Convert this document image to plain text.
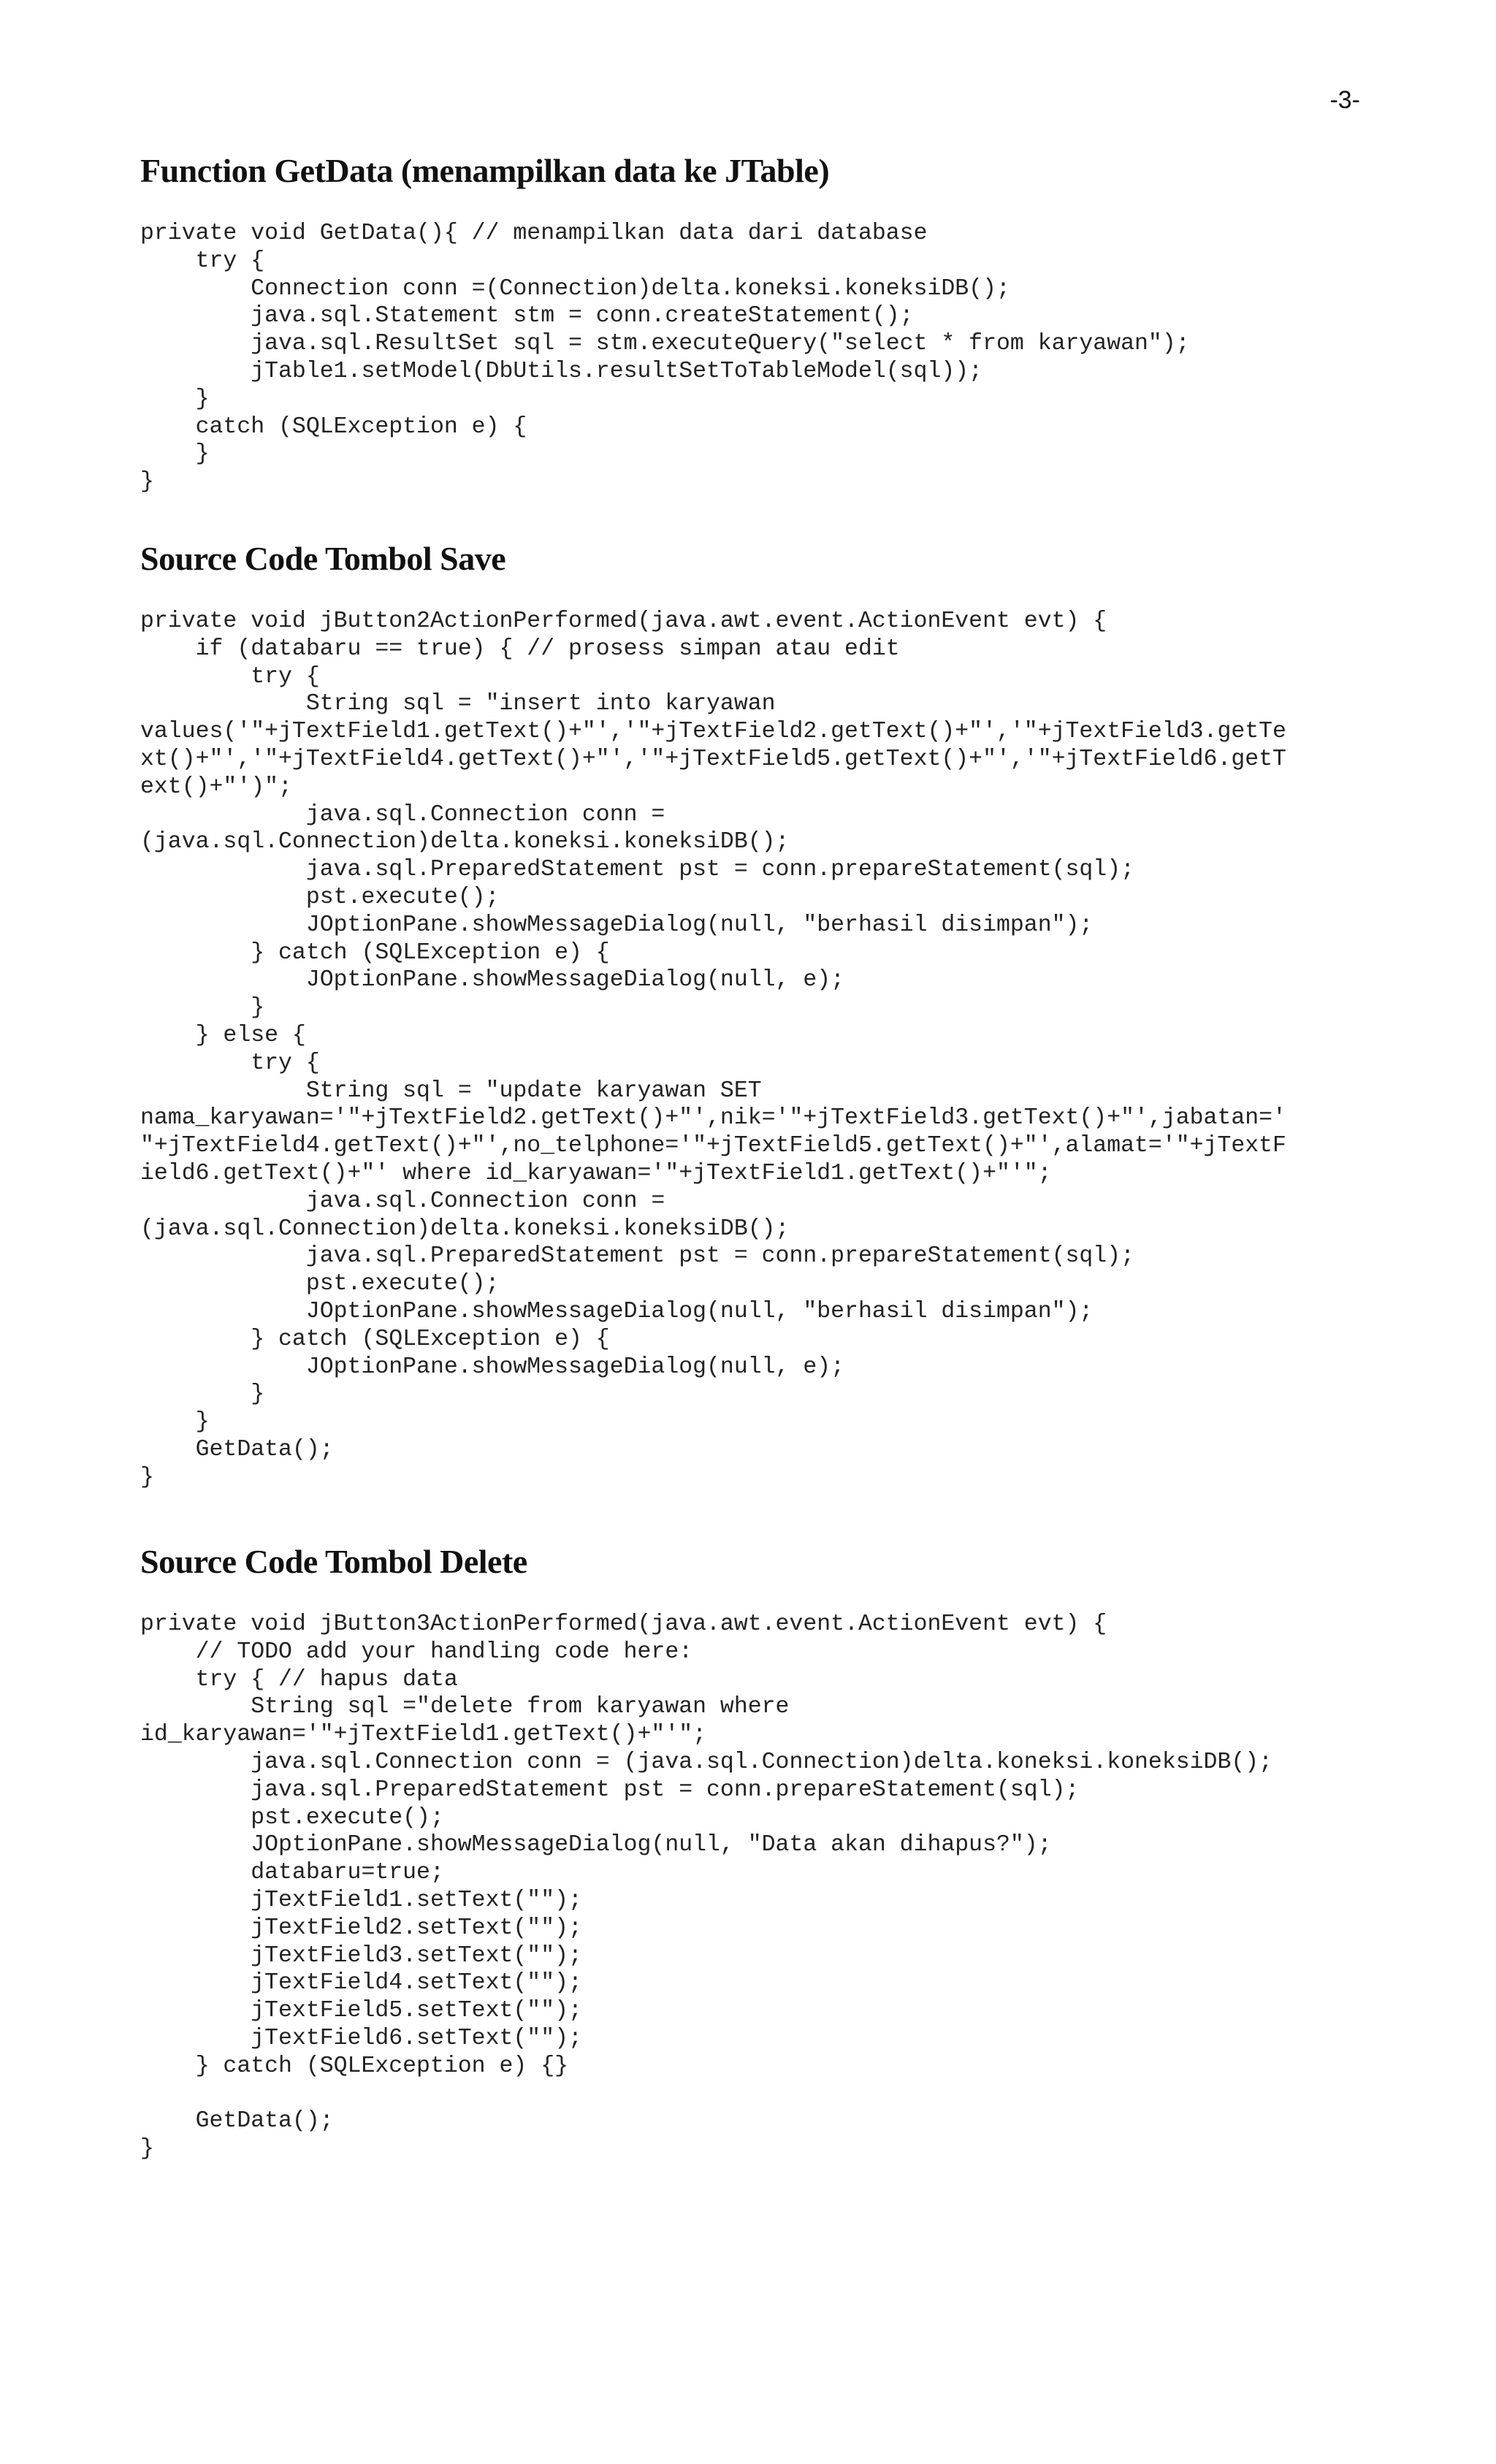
-3-

Function GetData (menampilkan data ke JTable)
private void GetData(){ // menampilkan data dari database
try {
Connection conn =(Connection)delta.koneksi.koneksiDB();
java.sql.Statement stm = conn.createStatement();
java.sql.ResultSet sql = stm.executeQuery("select * from karyawan");
jTable1.setModel(DbUtils.resultSetToTableModel(sql));
}
catch (SQLException e) {
}
}
Source Code Tombol Save
private void jButton2ActionPerformed(java.awt.event.ActionEvent evt) {
if (databaru == true) { // prosess simpan atau edit
try {
String sql = "insert into karyawan
values('"+jTextField1.getText()+"','"+jTextField2.getText()+"','"+jTextField3.getTe
xt()+"','"+jTextField4.getText()+"','"+jTextField5.getText()+"','"+jTextField6.getT
ext()+"')";
java.sql.Connection conn =
(java.sql.Connection)delta.koneksi.koneksiDB();
java.sql.PreparedStatement pst = conn.prepareStatement(sql);
pst.execute();
JOptionPane.showMessageDialog(null, "berhasil disimpan");
} catch (SQLException e) {
JOptionPane.showMessageDialog(null, e);
}
} else {
try {
String sql = "update karyawan SET
nama_karyawan='"+jTextField2.getText()+"',nik='"+jTextField3.getText()+"',jabatan='
"+jTextField4.getText()+"',no_telphone='"+jTextField5.getText()+"',alamat='"+jTextF
ield6.getText()+"' where id_karyawan='"+jTextField1.getText()+"'";
java.sql.Connection conn =
(java.sql.Connection)delta.koneksi.koneksiDB();
java.sql.PreparedStatement pst = conn.prepareStatement(sql);
pst.execute();
JOptionPane.showMessageDialog(null, "berhasil disimpan");
} catch (SQLException e) {
JOptionPane.showMessageDialog(null, e);
}
}
GetData();
}
Source Code Tombol Delete
private void jButton3ActionPerformed(java.awt.event.ActionEvent evt) {
// TODO add your handling code here:
try { // hapus data
String sql ="delete from karyawan where
id_karyawan='"+jTextField1.getText()+"'";
java.sql.Connection conn = (java.sql.Connection)delta.koneksi.koneksiDB();
java.sql.PreparedStatement pst = conn.prepareStatement(sql);
pst.execute();
JOptionPane.showMessageDialog(null, "Data akan dihapus?");
databaru=true;
jTextField1.setText("");
jTextField2.setText("");
jTextField3.setText("");
jTextField4.setText("");
jTextField5.setText("");
jTextField6.setText("");
} catch (SQLException e) {}
GetData();
}
